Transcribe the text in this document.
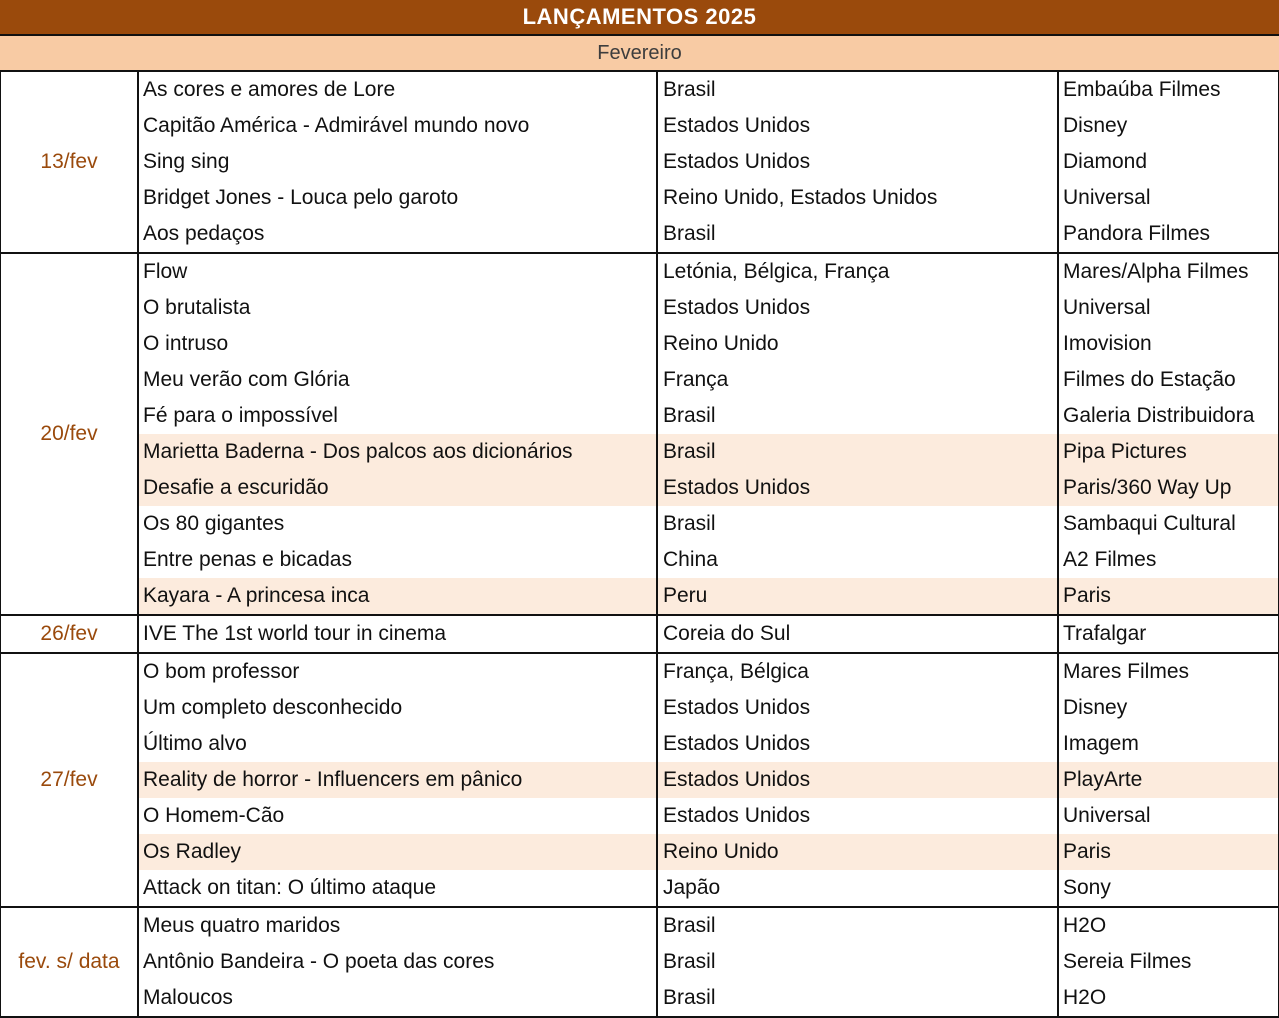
LANÇAMENTOS 2025
Fevereiro
13/fev
As cores e amores de Lore	Brasil	Embaúba Filmes
Capitão América - Admirável mundo novo	Estados Unidos	Disney
Sing sing	Estados Unidos	Diamond
Bridget Jones - Louca pelo garoto	Reino Unido, Estados Unidos	Universal
Aos pedaços	Brasil	Pandora Filmes
20/fev
Flow	Letónia, Bélgica, França	Mares/Alpha Filmes
O brutalista	Estados Unidos	Universal
O intruso	Reino Unido	Imovision
Meu verão com Glória	França	Filmes do Estação
Fé para o impossível	Brasil	Galeria Distribuidora
Marietta Baderna - Dos palcos aos dicionários	Brasil	Pipa Pictures
Desafie a escuridão	Estados Unidos	Paris/360 Way Up
Os 80 gigantes	Brasil	Sambaqui Cultural
Entre penas e bicadas	China	A2 Filmes
Kayara - A princesa inca	Peru	Paris
26/fev	IVE The 1st world tour in cinema	Coreia do Sul	Trafalgar
27/fev
O bom professor	França, Bélgica	Mares Filmes
Um completo desconhecido	Estados Unidos	Disney
Último alvo	Estados Unidos	Imagem
Reality de horror - Influencers em pânico	Estados Unidos	PlayArte
O Homem-Cão	Estados Unidos	Universal
Os Radley	Reino Unido	Paris
Attack on titan: O último ataque	Japão	Sony
fev. s/ data
Meus quatro maridos	Brasil	H2O
Antônio Bandeira - O poeta das cores	Brasil	Sereia Filmes
Maloucos	Brasil	H2O
